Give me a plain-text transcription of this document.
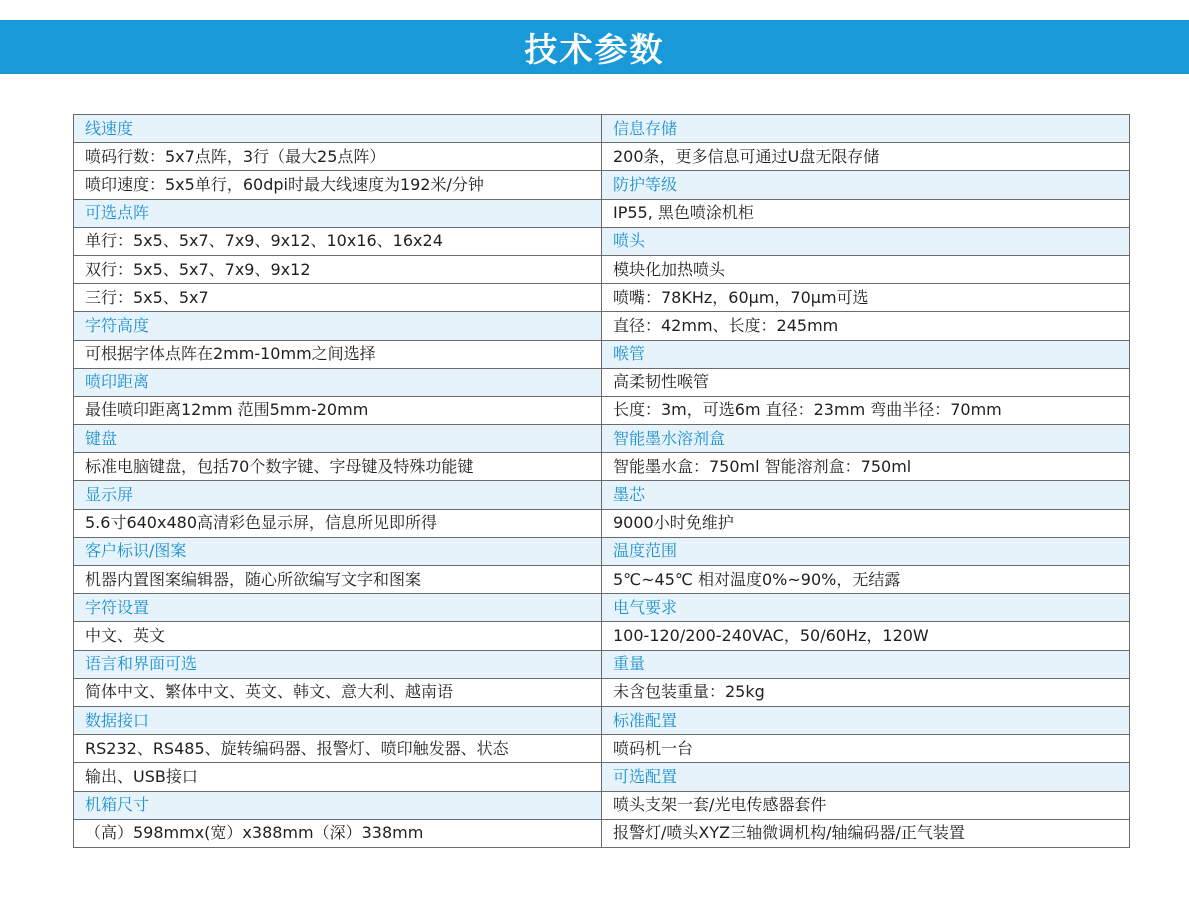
技术参数
线速度	信息存储
喷码行数：5x7点阵，3行（最大25点阵）	200条，更多信息可通过U盘无限存储
喷印速度：5x5单行，60dpi时最大线速度为192米/分钟	防护等级
可选点阵	IP55, 黑色喷涂机柜
单行：5x5、5x7、7x9、9x12、10x16、16x24	喷头
双行：5x5、5x7、7x9、9x12	模块化加热喷头
三行：5x5、5x7	喷嘴：78KHz，60μm，70μm可选
字符高度	直径：42mm、长度：245mm
可根据字体点阵在2mm-10mm之间选择	喉管
喷印距离	高柔韧性喉管
最佳喷印距离12mm 范围5mm-20mm	长度：3m，可选6m 直径：23mm 弯曲半径：70mm
键盘	智能墨水溶剂盒
标准电脑键盘，包括70个数字键、字母键及特殊功能键	智能墨水盒：750ml 智能溶剂盒：750ml
显示屏	墨芯
5.6寸640x480高清彩色显示屏，信息所见即所得	9000小时免维护
客户标识/图案	温度范围
机器内置图案编辑器，随心所欲编写文字和图案	5℃~45℃ 相对温度0%~90%，无结露
字符设置	电气要求
中文、英文	100-120/200-240VAC，50/60Hz，120W
语言和界面可选	重量
简体中文、繁体中文、英文、韩文、意大利、越南语	未含包装重量：25kg
数据接口	标准配置
RS232、RS485、旋转编码器、报警灯、喷印触发器、状态	喷码机一台
输出、USB接口	可选配置
机箱尺寸	喷头支架一套/光电传感器套件
（高）598mmx(宽）x388mm（深）338mm	报警灯/喷头XYZ三轴微调机构/轴编码器/正气装置
